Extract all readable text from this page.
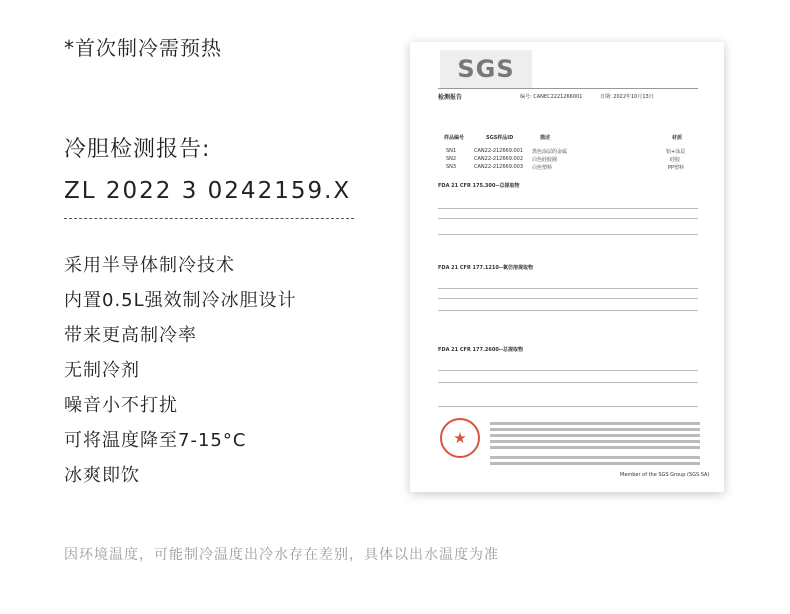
*首次制冷需预热
冷胆检测报告:
ZL 2022 3 0242159.X
采用半导体制冷技术
内置0.5L强效制冷冰胆设计
带来更高制冷率
无制冷剂
噪音小不打扰
可将温度降至7-15°C
冰爽即饮
因环境温度，可能制冷温度出冷水存在差别，具体以出水温度为准
SGS
检测报告	编号: CANEC2221266001	日期: 2022年10月13日
样品编号	SGS样品ID	描述	材质
SN1	CAN22-212669.001 黑色涂层的金属	铝+涂层
SN2	CAN22-212669.002 白色硅胶圈	硅胶
SN3	CAN22-212669.003 白色塑料	PP塑料
FDA 21 CFR 175.300--总提取物
FDA 21 CFR 177.1210--氯仿溶提取物
FDA 21 CFR 177.2600--总提取物
★
Member of the SGS Group (SGS SA)
